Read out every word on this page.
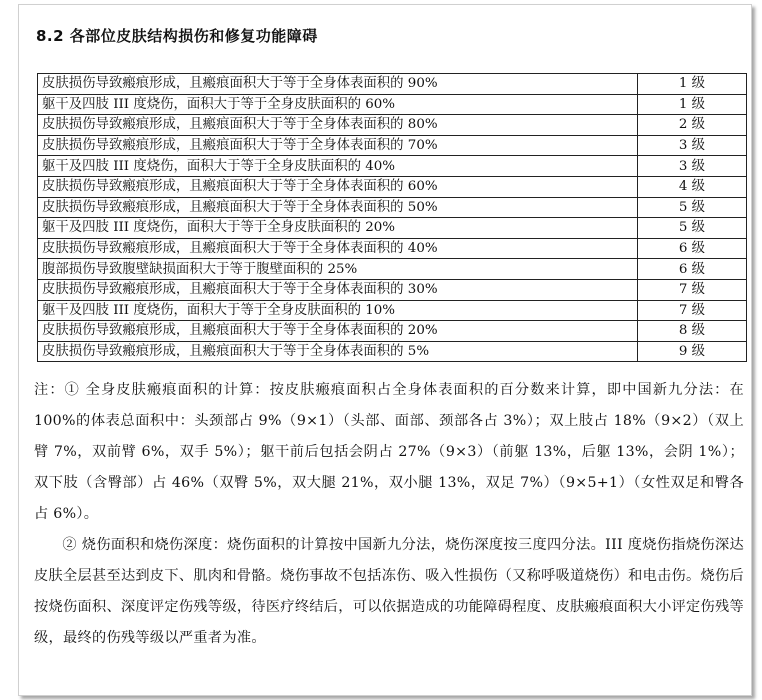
8.2 各部位皮肤结构损伤和修复功能障碍
皮肤损伤导致瘢痕形成，且瘢痕面积大于等于全身体表面积的 90%	1 级
躯干及四肢 III 度烧伤，面积大于等于全身皮肤面积的 60%	1 级
皮肤损伤导致瘢痕形成，且瘢痕面积大于等于全身体表面积的 80%	2 级
皮肤损伤导致瘢痕形成，且瘢痕面积大于等于全身体表面积的 70%	3 级
躯干及四肢 III 度烧伤，面积大于等于全身皮肤面积的 40%	3 级
皮肤损伤导致瘢痕形成，且瘢痕面积大于等于全身体表面积的 60%	4 级
皮肤损伤导致瘢痕形成，且瘢痕面积大于等于全身体表面积的 50%	5 级
躯干及四肢 III 度烧伤，面积大于等于全身皮肤面积的 20%	5 级
皮肤损伤导致瘢痕形成，且瘢痕面积大于等于全身体表面积的 40%	6 级
腹部损伤导致腹壁缺损面积大于等于腹壁面积的 25%	6 级
皮肤损伤导致瘢痕形成，且瘢痕面积大于等于全身体表面积的 30%	7 级
躯干及四肢 III 度烧伤，面积大于等于全身皮肤面积的 10%	7 级
皮肤损伤导致瘢痕形成，且瘢痕面积大于等于全身体表面积的 20%	8 级
皮肤损伤导致瘢痕形成，且瘢痕面积大于等于全身体表面积的 5%	9 级

注：① 全身皮肤瘢痕面积的计算：按皮肤瘢痕面积占全身体表面积的百分数来计算，即中国新九分法：在 100%的体表总面积中：头颈部占 9%（9×1）（头部、面部、颈部各占 3%）；双上肢占 18%（9×2）（双上臂 7%，双前臂 6%，双手 5%）；躯干前后包括会阴占 27%（9×3）（前躯 13%，后躯 13%，会阴 1%）；双下肢（含臀部）占 46%（双臀 5%，双大腿 21%，双小腿 13%，双足 7%）（9×5+1）（女性双足和臀各占 6%）。

② 烧伤面积和烧伤深度：烧伤面积的计算按中国新九分法，烧伤深度按三度四分法。III 度烧伤指烧伤深达皮肤全层甚至达到皮下、肌肉和骨骼。烧伤事故不包括冻伤、吸入性损伤（又称呼吸道烧伤）和电击伤。烧伤后按烧伤面积、深度评定伤残等级，待医疗终结后，可以依据造成的功能障碍程度、皮肤瘢痕面积大小评定伤残等级，最终的伤残等级以严重者为准。
